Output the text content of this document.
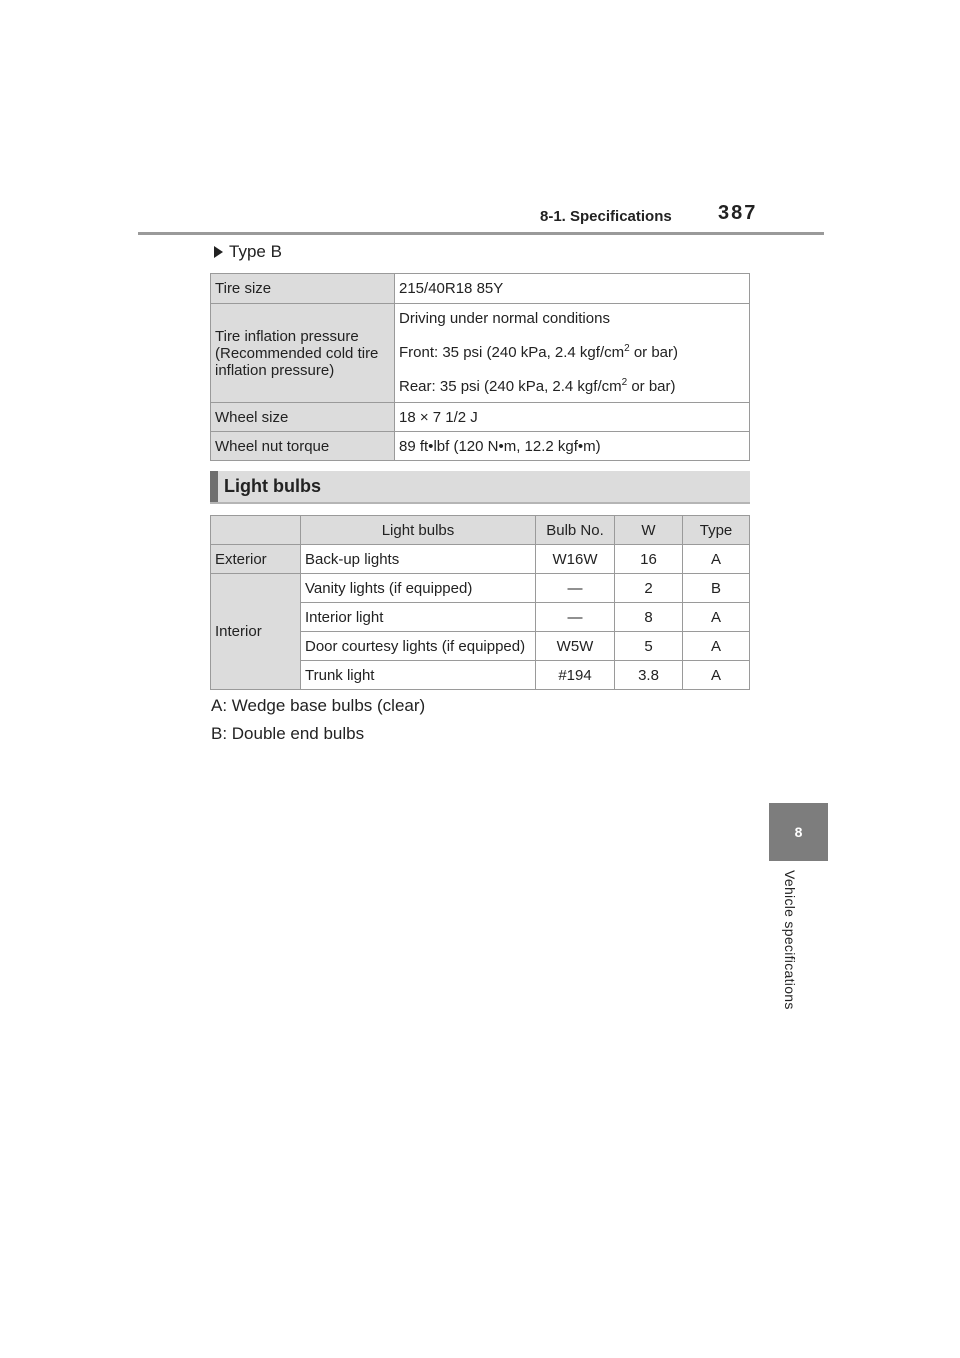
8-1. Specifications 387
8
Vehicle specifications
Type B
Tire size	215/40R18 85Y
Tire inflation pressure (Recommended cold tire inflation pressure)	Driving under normal conditions

Front: 35 psi (240 kPa, 2.4 kgf/$cm^2$ or bar)

Rear: 35 psi (240 kPa, 2.4 kgf/$cm^2$ or bar)

Wheel size	18 × 7 1/2 J
Wheel nut torque	89 ft•lbf (120 N•m, 12.2 kgf•m)
Light bulbs
	Light bulbs	Bulb No.	W	Type
Exterior	Back-up lights	W16W	16	A
Interior	Vanity lights (if equipped)	—	2	B
	Interior light	—	8	A
	Door courtesy lights (if equipped)	W5W	5	A
	Trunk light	#194	3.8	A
A: Wedge base bulbs (clear)
B: Double end bulbs
